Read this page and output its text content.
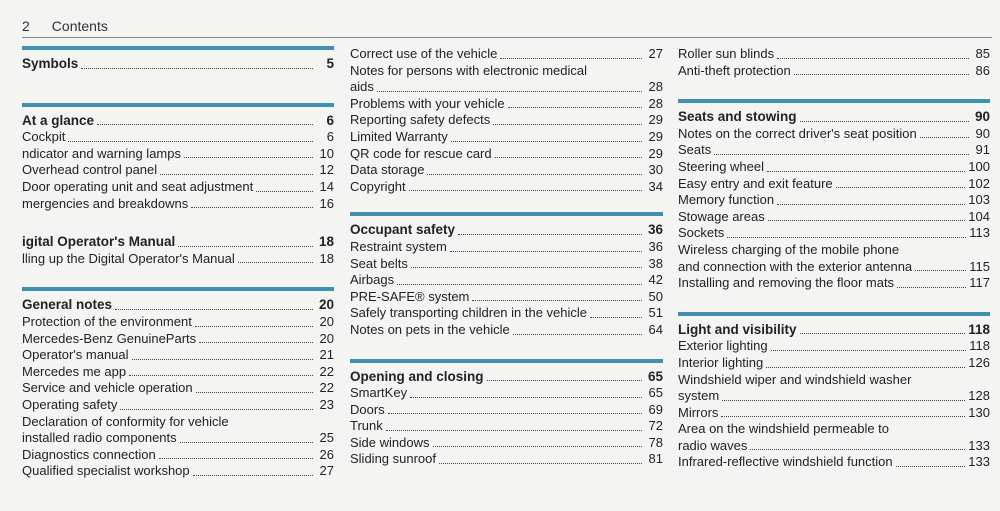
2 Contents
Symbols	5
At a glance	6
Cockpit	6
ndicator and warning lamps	10
Overhead control panel	12
Door operating unit and seat adjustment	14
mergencies and breakdowns	16
igital Operator's Manual	18
lling up the Digital Operator's Manual	18
General notes	20
Protection of the environment	20
Mercedes-Benz GenuineParts	20
Operator's manual	21
Mercedes me app	22
Service and vehicle operation	22
Operating safety	23
Declaration of conformity for vehicle
installed radio components	25
Diagnostics connection	26
Qualified specialist workshop	27
Correct use of the vehicle	27
Notes for persons with electronic medical
aids	28
Problems with your vehicle	28
Reporting safety defects	29
Limited Warranty	29
QR code for rescue card	29
Data storage	30
Copyright	34
Occupant safety	36
Restraint system	36
Seat belts	38
Airbags	42
PRE-SAFE® system	50
Safely transporting children in the vehicle	51
Notes on pets in the vehicle	64
Opening and closing	65
SmartKey	65
Doors	69
Trunk	72
Side windows	78
Sliding sunroof	81
Roller sun blinds	85
Anti-theft protection	86
Seats and stowing	90
Notes on the correct driver's seat position	90
Seats	91
Steering wheel	100
Easy entry and exit feature	102
Memory function	103
Stowage areas	104
Sockets	113
Wireless charging of the mobile phone
and connection with the exterior antenna	115
Installing and removing the floor mats	117
Light and visibility	118
Exterior lighting	118
Interior lighting	126
Windshield wiper and windshield washer
system	128
Mirrors	130
Area on the windshield permeable to
radio waves	133
Infrared-reflective windshield function	133
